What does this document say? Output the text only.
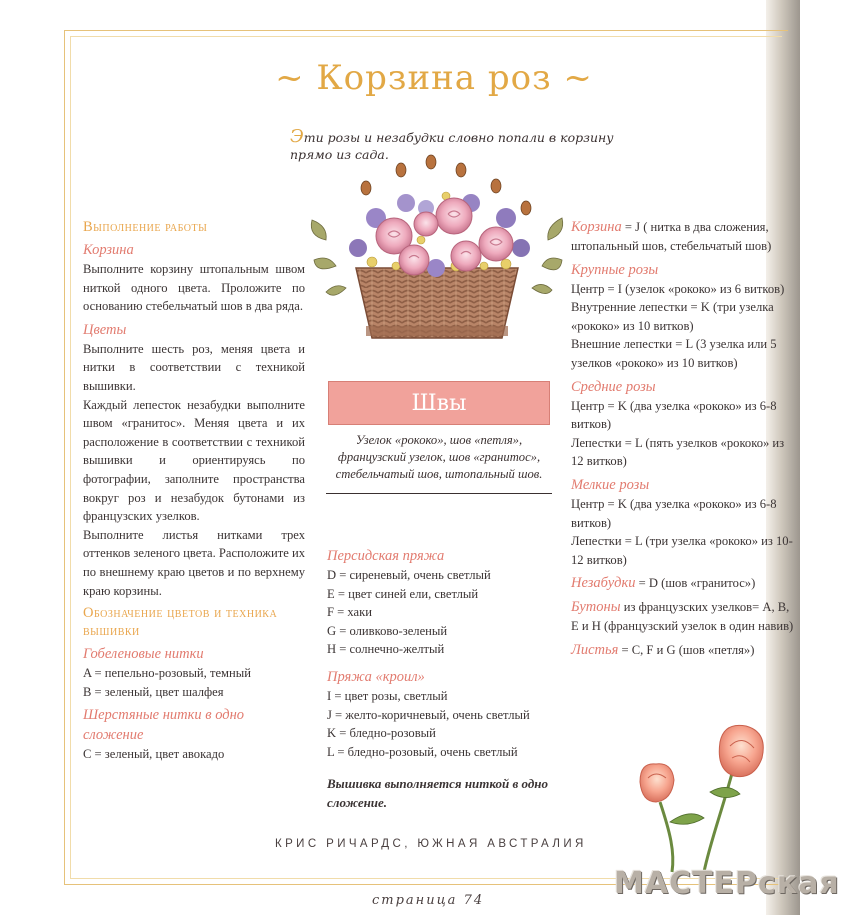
~ Корзина роз ~
Эти розы и незабудки словно попали в корзину прямо из сада.
Швы
Узелок «рококо», шов «петля», французский узелок, шов «гранитос», стебельчатый шов, штопальный шов.
Выполнение работы
Корзина

Выполните корзину штопальным швом ниткой одного цвета. Проложите по основанию стебельчатый шов в два ряда.

Цветы

Выполните шесть роз, меняя цвета и нитки в соответствии с техникой вышивки.

Каждый лепесток незабудки выполните швом «гранитос». Меняя цвета и их расположение в соответствии с техникой вышивки и ориентируясь по фотографии, заполните пространства вокруг роз и незабудок бутонами из французских узелков.

Выполните листья нитками трех оттенков зеленого цвета. Расположите их по внешнему краю цветов и по верхнему краю корзины.

Обозначение цветов и техника вышивки
Гобеленовые нитки
A = пепельно-розовый, темный
B = зеленый, цвет шалфея
Шерстяные нитки в одно сложение
C = зеленый, цвет авокадо
Персидская пряжа
D = сиреневый, очень светлый
E = цвет синей ели, светлый
F = хаки
G = оливково-зеленый
H = солнечно-желтый
Пряжа «кроил»
I = цвет розы, светлый
J = желто-коричневый, очень светлый
K = бледно-розовый
L = бледно-розовый, очень светлый
Вышивка выполняется ниткой в одно сложение.
Корзина = J ( нитка в два сложения, штопальный шов, стебельчатый шов)
Крупные розы
Центр = I (узелок «рококо» из 6 витков)
Внутренние лепестки = K (три узелка «рококо» из 10 витков)
Внешние лепестки = L (3 узелка или 5 узелков «рококо» из 10 витков)
Средние розы
Центр = K (два узелка «рококо» из 6-8 витков)
Лепестки = L (пять узелков «рококо» из 12 витков)
Мелкие розы
Центр = K (два узелка «рококо» из 6-8 витков)
Лепестки = L (три узелка «рококо» из 10-12 витков)
Незабудки = D (шов «гранитос»)
Бутоны из французских узелков= A, B, E и H (французский узелок в один навив)
Листья = C, F и G (шов «петля»)
КРИС РИЧАРДС, ЮЖНАЯ АВСТРАЛИЯ
страница 74	МАСТЕРская
